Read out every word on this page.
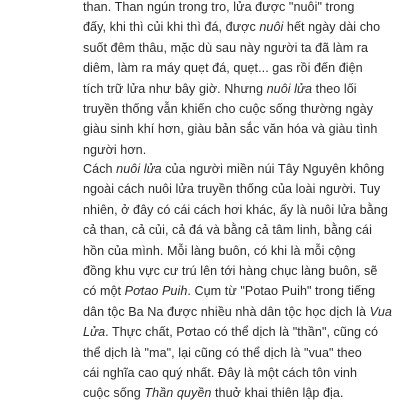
than. Than ngún trong tro, lửa được "nuôi" trong
đấy, khi thì củi khi thì đá, được nuôi hết ngày dài cho
suốt đêm thâu, mặc dù sau này người ta đã làm ra
diêm, làm ra máy quẹt đá, quẹt... gas rồi đến điện
tích trữ lửa như bây giờ. Nhưng nuôi lửa theo lối
truyền thống vẫn khiến cho cuộc sống thường ngày
giàu sinh khí hơn, giàu bản sắc văn hóa và giàu tình
người hơn.
Cách nuôi lửa của người miền núi Tây Nguyên không
ngoài cách nuôi lửa truyền thống của loài người. Tuy
nhiên, ở đây có cái cách hơi khác, ấy là nuôi lửa bằng
cả than, cả củi, cả đá và bằng cả tâm linh, bằng cái
hồn của mình. Mỗi làng buôn, có khi là mỗi cộng
đồng khu vực cư trú lên tới hàng chục làng buôn, sẽ
có một Pơtao Puih. Cụm từ "Potao Puih" trong tiếng
dân tộc Ba Na được nhiều nhà dân tộc học dịch là Vua
Lửa. Thực chất, Pơtao có thể dịch là "thần", cũng có
thể dịch là "ma", lại cũng có thể dịch là "vua" theo
cái nghĩa cao quý nhất. Đây là một cách tôn vinh
cuộc sống Thần quyền thuở khai thiên lập địa.
